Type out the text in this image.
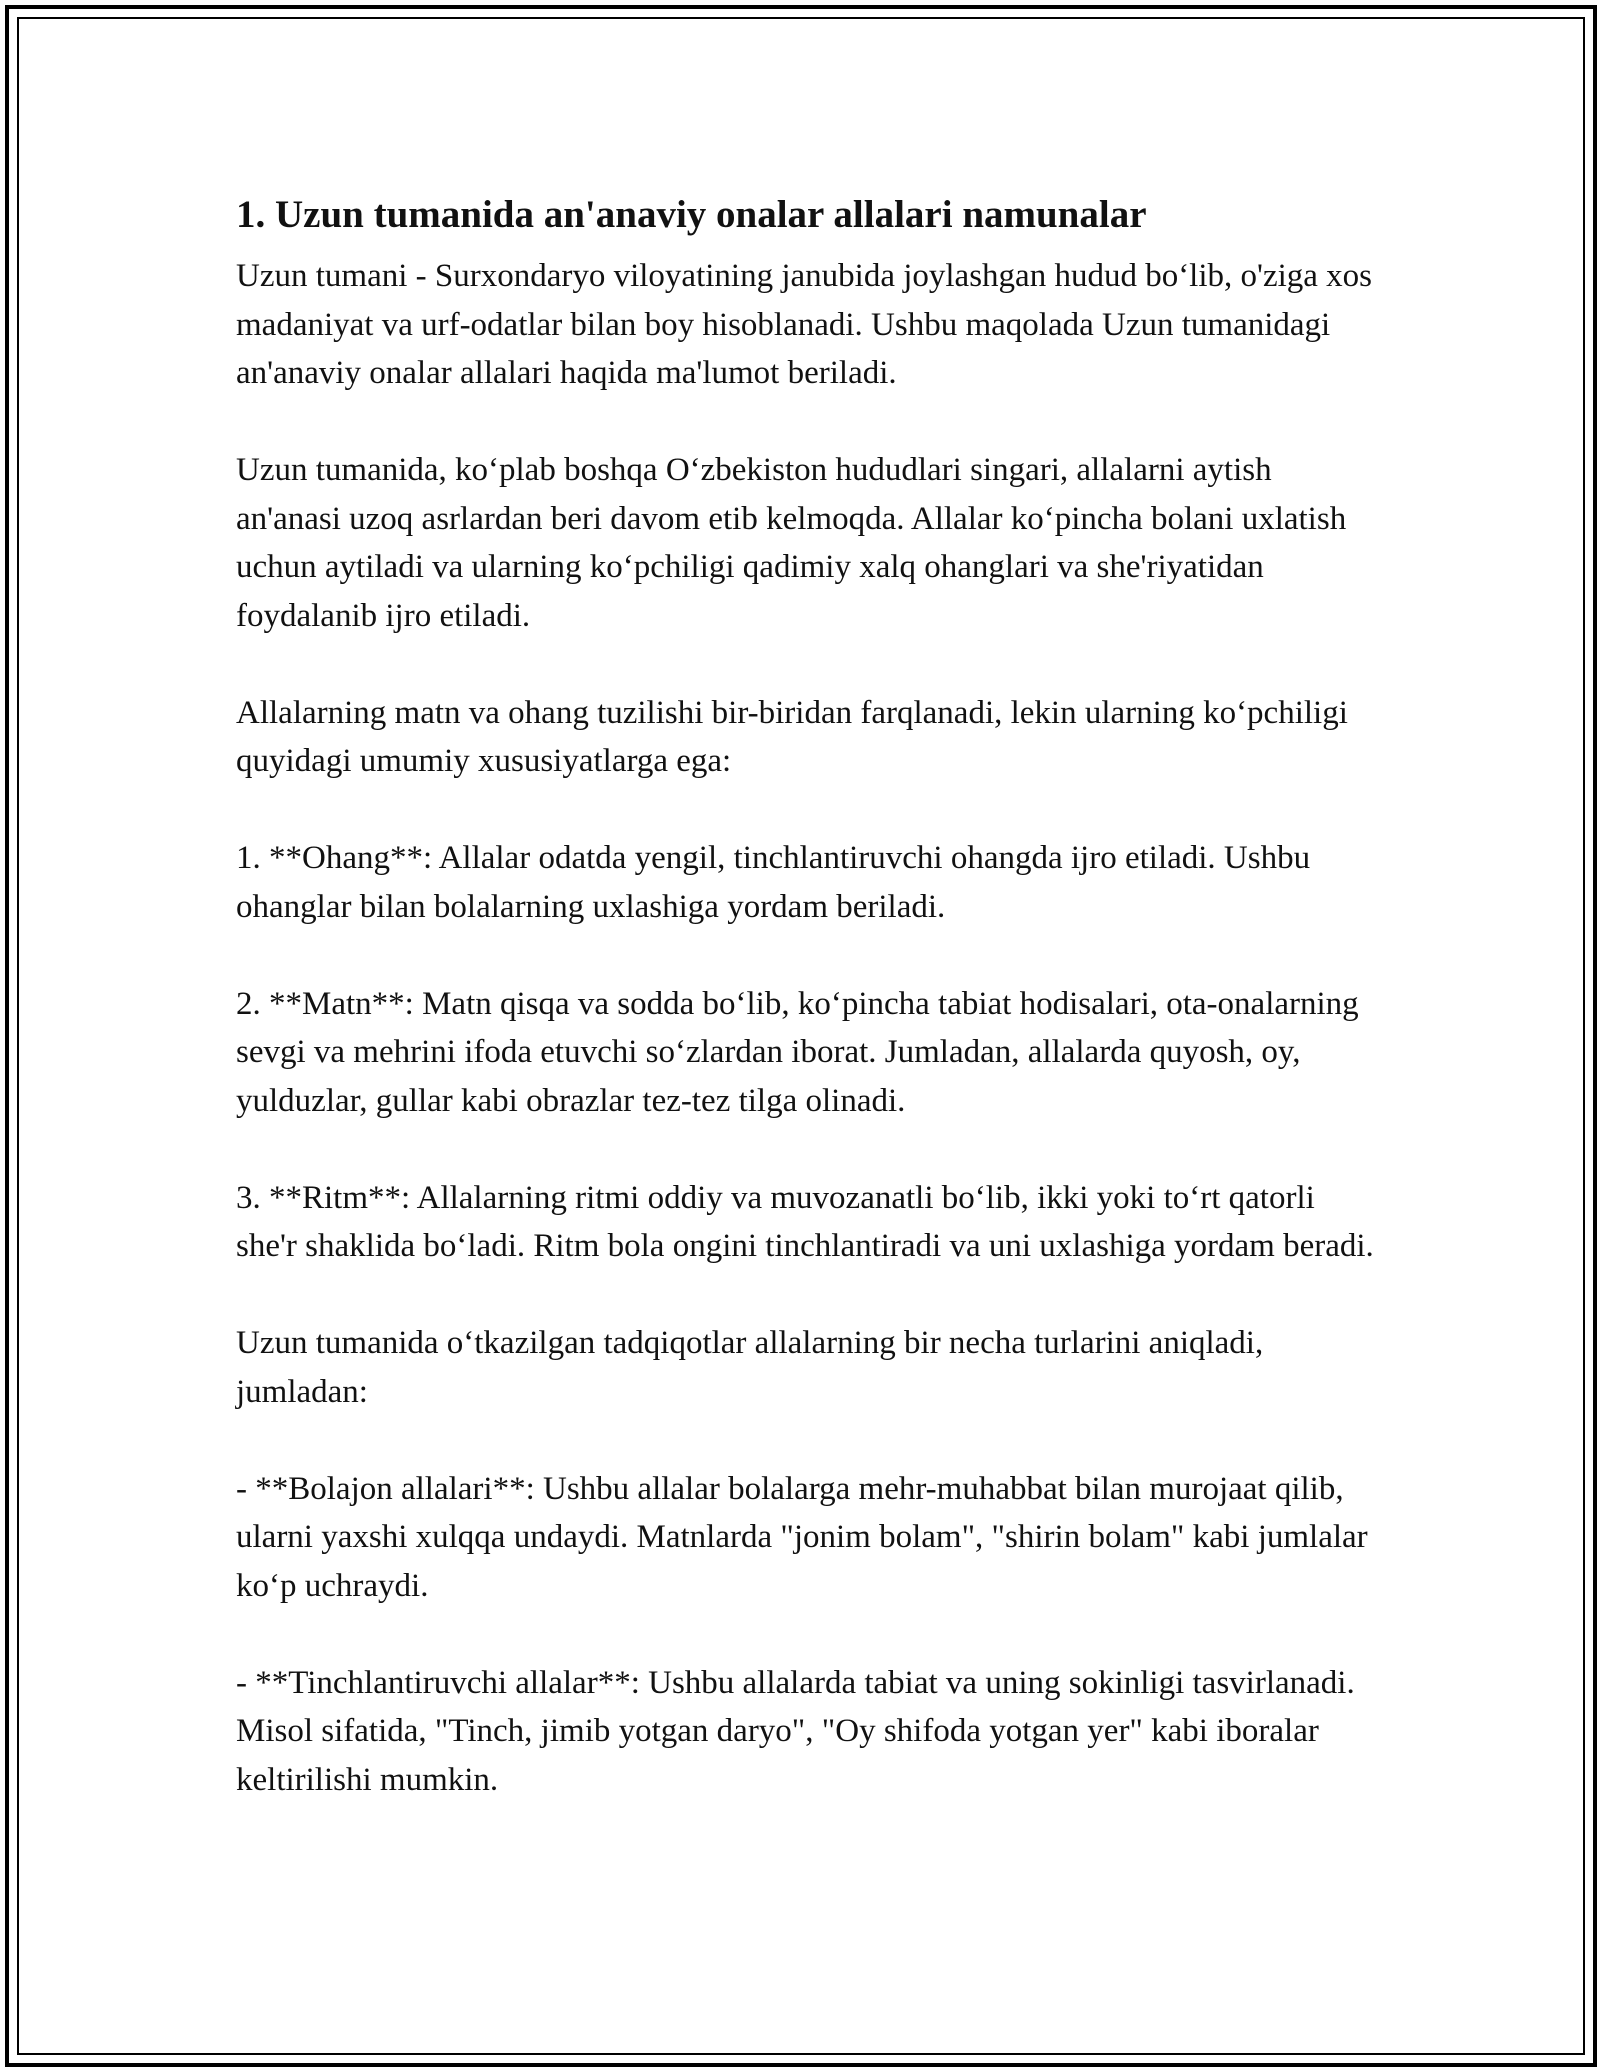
1. Uzun tumanida an'anaviy onalar allalari namunalar

Uzun tumani - Surxondaryo viloyatining janubida joylashgan hudud bo‘lib, o'ziga xos madaniyat va urf-odatlar bilan boy hisoblanadi. Ushbu maqolada Uzun tumanidagi an'anaviy onalar allalari haqida ma'lumot beriladi.

Uzun tumanida, ko‘plab boshqa O‘zbekiston hududlari singari, allalarni aytish an'anasi uzoq asrlardan beri davom etib kelmoqda. Allalar ko‘pincha bolani uxlatish uchun aytiladi va ularning ko‘pchiligi qadimiy xalq ohanglari va she'riyatidan foydalanib ijro etiladi.

Allalarning matn va ohang tuzilishi bir-biridan farqlanadi, lekin ularning ko‘pchiligi quyidagi umumiy xususiyatlarga ega:

1. **Ohang**: Allalar odatda yengil, tinchlantiruvchi ohangda ijro etiladi. Ushbu ohanglar bilan bolalarning uxlashiga yordam beriladi.

2. **Matn**: Matn qisqa va sodda bo‘lib, ko‘pincha tabiat hodisalari, ota-onalarning sevgi va mehrini ifoda etuvchi so‘zlardan iborat. Jumladan, allalarda quyosh, oy, yulduzlar, gullar kabi obrazlar tez-tez tilga olinadi.

3. **Ritm**: Allalarning ritmi oddiy va muvozanatli bo‘lib, ikki yoki to‘rt qatorli she'r shaklida bo‘ladi. Ritm bola ongini tinchlantiradi va uni uxlashiga yordam beradi.

Uzun tumanida o‘tkazilgan tadqiqotlar allalarning bir necha turlarini aniqladi, jumladan:

- **Bolajon allalari**: Ushbu allalar bolalarga mehr-muhabbat bilan murojaat qilib, ularni yaxshi xulqqa undaydi. Matnlarda "jonim bolam", "shirin bolam" kabi jumlalar ko‘p uchraydi.

- **Tinchlantiruvchi allalar**: Ushbu allalarda tabiat va uning sokinligi tasvirlanadi. Misol sifatida, "Tinch, jimib yotgan daryo", "Oy shifoda yotgan yer" kabi iboralar keltirilishi mumkin.
